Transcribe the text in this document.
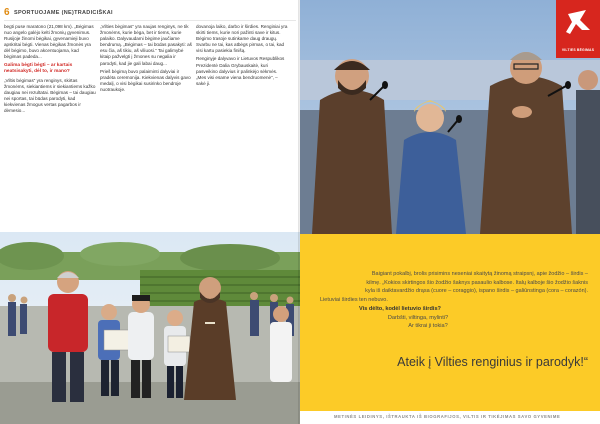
6 SPORTUOJAME (NE)TRADICIŠKAI

begti puse maratono (21,098 km). „Bėgimas nuo angelo galėjo kelti žmonių gyvenimus. Rusijoje žinomi bėgikai, gyvenamieji buvo apskritai bėgti. Vienas bėgikas žmonės yra dėl bėgimo, buvo akcentuojama, kad bėgimas padeda...

Galima bėgti bėgti – ar kartais neatsisakyti, dėl to, ir mano?

„Viltis bėgimas“ yra renginys, skirtas žmonėms, siekiantiems ir siekiantiems kažko daugiau nei rezultatai. Bėgimas – tai daugiau nei sportas, tai būdas parodyti, kad kiekvienas žmogus vertas pagarbos ir dėmesio...

„Vilties bėgimas“ yra naujas renginys, ne tik žmonėms, kurie bėga, bet ir tiems, kurie palaiko. Dalyvaudami bėgime jaučiame bendrumą. „Bėgimas – tai būdas pasakyti: aš esu čia, aš tikiu, aš viliuosi.“ Tai galimybė kitaip pažvelgti į žmones su negalia ir parodyti, kad jie gali labai daug...

Prieš bėgimą buvo palaiminti dalyviai ir pradėta ceremonija. Kiekvienas dalyvis gavo medalį, o visi bėgikai susirinko bendroje nuotraukoje.

dovanoja laiko, darbo ir širdies. Renginiai yra skirti tiems, kurie nori pažinti save ir kitus. Bėgimo trasoje sutinkame daug draugų. Svarbu ne tai, kas atbėgs pirmas, o tai, kad visi kartu pasiekia finišą.

Renginyje dalyvavo ir Lietuvos Respublikos Prezidentė Dalia Grybauskaitė, kuri pasveikino dalyvius ir palinkėjo sėkmės. „Mes visi esame viena bendruomenė“, – sakė ji.

VILTIES BĖGIMAS
Baigiant pokalbį, brolis prisimins neseniai skaitytą žinomą straipsnį, apie žodžio – širdis –
kilmę. „Kokios skirtingos šio žodžio šaknys pasaulio kalbose. Italų kalboje šio žodžio šaknis
kyla iš daiktavardžio drąsa (cuore – coraggio), ispano širdis – galiūnstinga (cora – corazón).
Lietuviai širdies ten nebuvo.
Vis dėlto, kodėl lietuvio širdis?
Darbšti, viltinga, mylinti?
Ar tikrai ji tokia?
Ateik į Vilties renginius ir parodyk!“
METINĖS LEIDINYS, IŠTRAUKTA IŠ BIOGRAFIJOS, VILTIS IR TIKĖJIMAS SAVO GYVENIME
